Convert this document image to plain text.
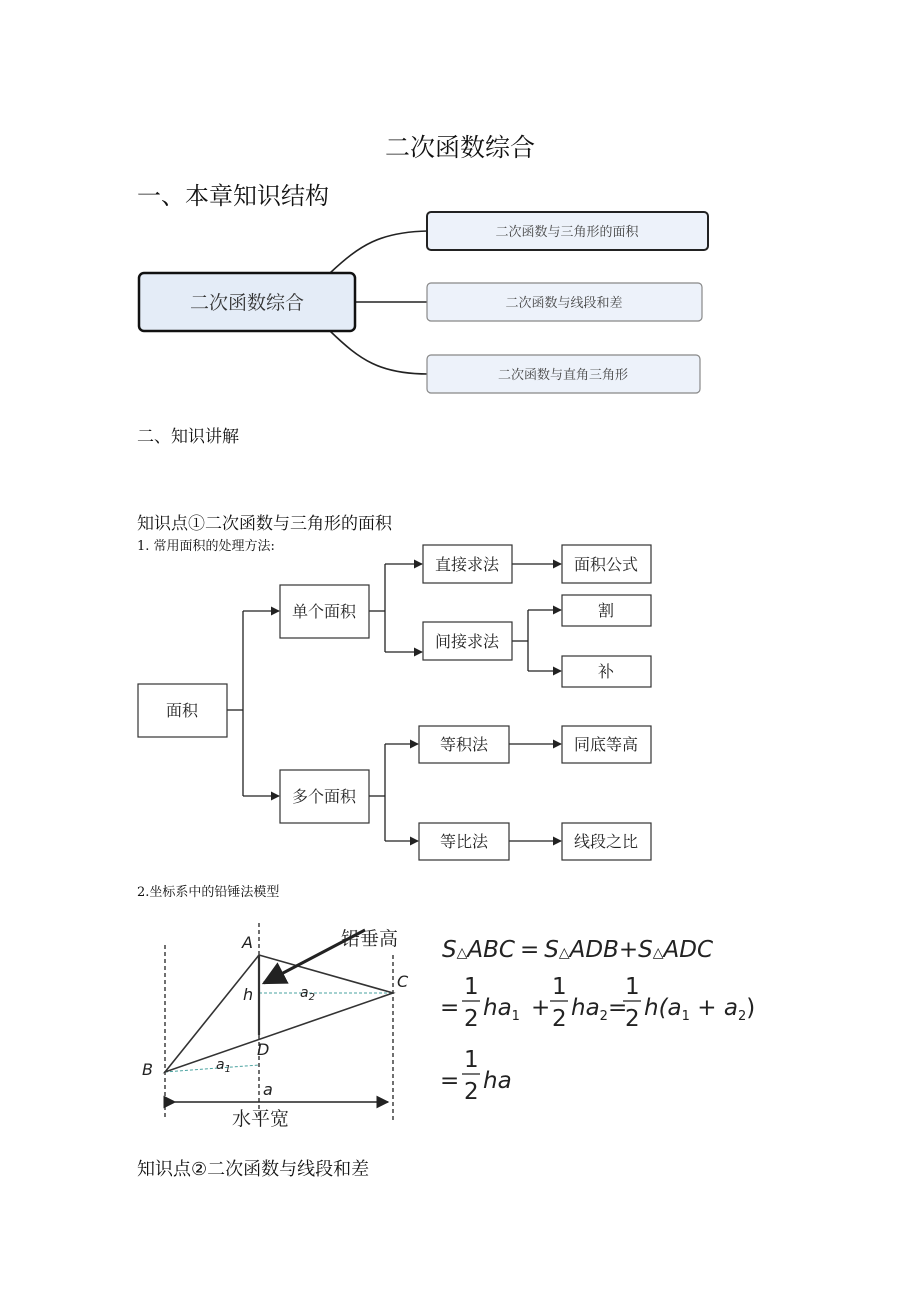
二次函数综合
一、本章知识结构
二次函数综合
二次函数与三角形的面积
二次函数与线段和差
二次函数与直角三角形
二、知识讲解
知识点①二次函数与三角形的面积
1. 常用面积的处理方法:
面积
单个面积
多个面积
直接求法
间接求法
等积法
等比法
面积公式
割
补
同底等高
线段之比
2.坐标系中的铅锤法模型
A
B
C
D
h
a
$a_1$
$a_2$
铅垂高
水平宽
S△ABC = S△ADB+S△ADC
=
1
2 $ha_1$ +
1
2 $ha_2$ =
1
2 $h(a_1 + a_2)$
=
1
2 ha
知识点②二次函数与线段和差
